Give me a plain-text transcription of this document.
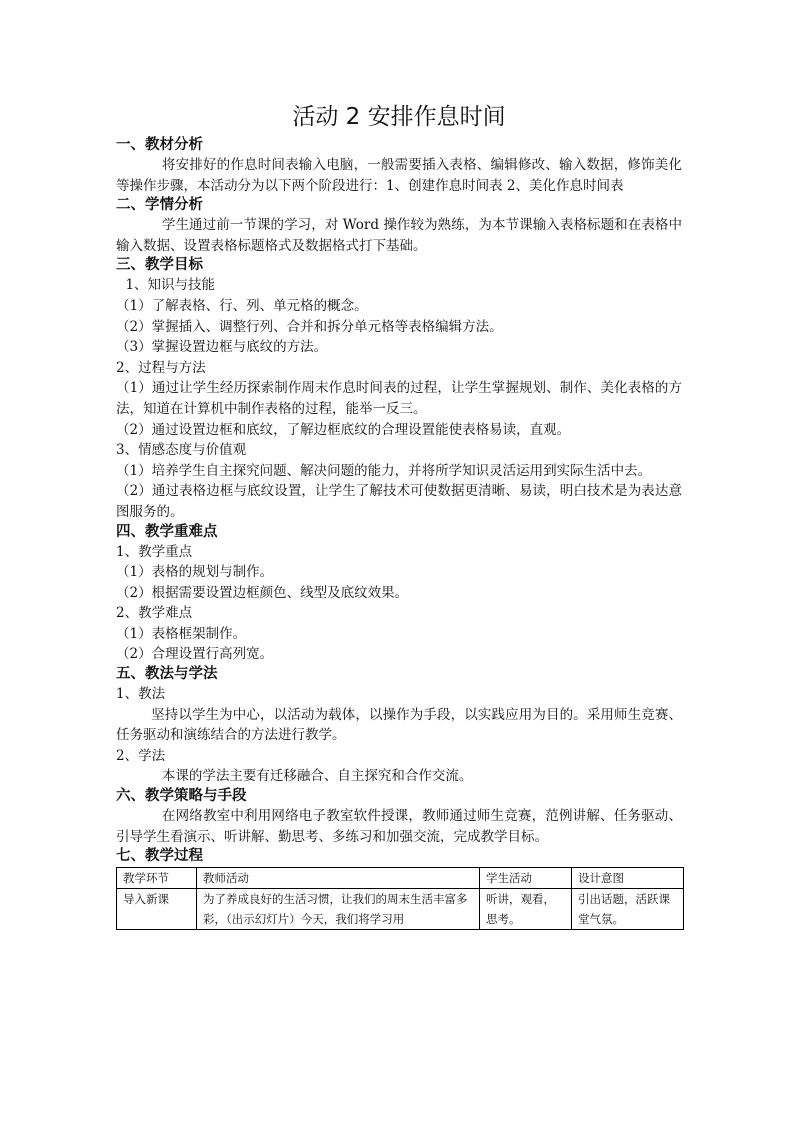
活动 2 安排作息时间
一、教材分析

将安排好的作息时间表输入电脑，一般需要插入表格、编辑修改、输入数据，修饰美化等操作步骤，本活动分为以下两个阶段进行：1、创建作息时间表 2、美化作息时间表

二、学情分析

学生通过前一节课的学习，对 Word 操作较为熟练，为本节课输入表格标题和在表格中输入数据、设置表格标题格式及数据格式打下基础。

三、教学目标

1、知识与技能

（1）了解表格、行、列、单元格的概念。

（2）掌握插入、调整行列、合并和拆分单元格等表格编辑方法。

（3）掌握设置边框与底纹的方法。

2、过程与方法

（1）通过让学生经历探索制作周末作息时间表的过程，让学生掌握规划、制作、美化表格的方法，知道在计算机中制作表格的过程，能举一反三。

（2）通过设置边框和底纹，了解边框底纹的合理设置能使表格易读，直观。

3、情感态度与价值观

（1）培养学生自主探究问题、解决问题的能力，并将所学知识灵活运用到实际生活中去。

（2）通过表格边框与底纹设置，让学生了解技术可使数据更清晰、易读，明白技术是为表达意图服务的。

四、教学重难点

1、教学重点

（1）表格的规划与制作。

（2）根据需要设置边框颜色、线型及底纹效果。

2、教学难点

（1）表格框架制作。

（2）合理设置行高列宽。

五、教法与学法

1、教法

坚持以学生为中心，以活动为载体，以操作为手段，以实践应用为目的。采用师生竞赛、任务驱动和演练结合的方法进行教学。

2、学法

本课的学法主要有迁移融合、自主探究和合作交流。

六、教学策略与手段

在网络教室中利用网络电子教室软件授课，教师通过师生竞赛，范例讲解、任务驱动、引导学生看演示、听讲解、勤思考、多练习和加强交流，完成教学目标。

七、教学过程
教学环节	教师活动	学生活动	设计意图
导入新课	为了养成良好的生活习惯，让我们的周末生活丰富多彩，（出示幻灯片）今天，我们将学习用	听讲，观看，思考。	引出话题，活跃课堂气氛。
